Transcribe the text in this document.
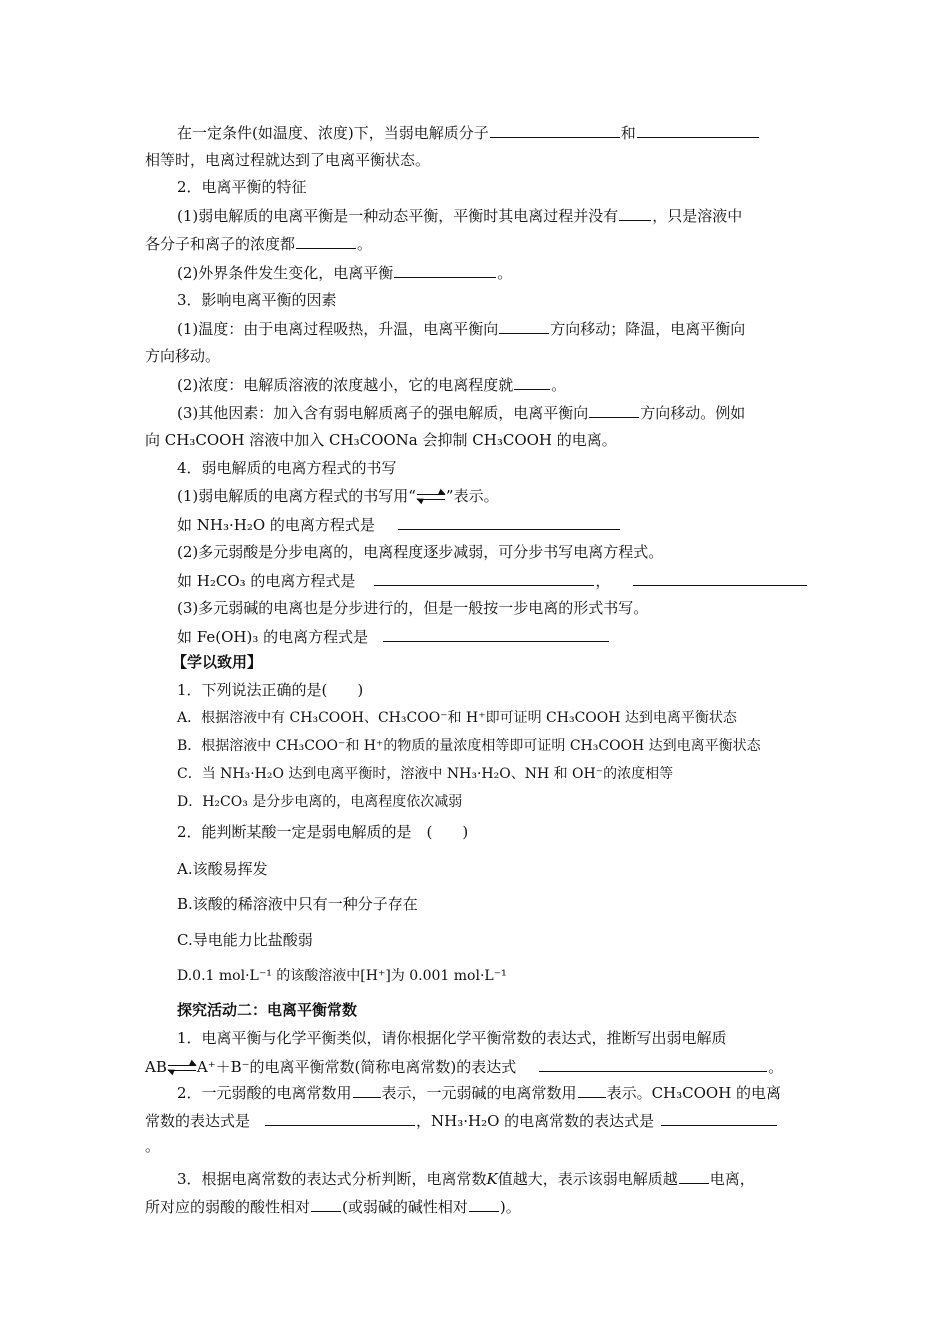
在一定条件(如温度、浓度)下，当弱电解质分子	和
相等时，电离过程就达到了电离平衡状态。
2．电离平衡的特征
(1)弱电解质的电离平衡是一种动态平衡，平衡时其电离过程并没有 ，只是溶液中
各分子和离子的浓度都	。
(2)外界条件发生变化，电离平衡	。
3．影响电离平衡的因素
(1)温度：由于电离过程吸热，升温，电离平衡向	方向移动；降温，电离平衡向
方向移动。
(2)浓度：电解质溶液的浓度越小，它的电离程度就	。
(3)其他因素：加入含有弱电解质离子的强电解质，电离平衡向	方向移动。例如
向 CH₃COOH 溶液中加入 CH₃COONa 会抑制 CH₃COOH 的电离。
4．弱电解质的电离方程式的书写
(1)弱电解质的电离方程式的书写用“ ”表示。
如 NH₃·H₂O 的电离方程式是
(2)多元弱酸是分步电离的，电离程度逐步减弱，可分步书写电离方程式。
如 H₂CO₃ 的电离方程式是	，
(3)多元弱碱的电离也是分步进行的，但是一般按一步电离的形式书写。
如 Fe(OH)₃ 的电离方程式是
【学以致用】
1．下列说法正确的是(　　)
A．根据溶液中有 CH₃COOH、CH₃COO⁻和 H⁺即可证明 CH₃COOH 达到电离平衡状态
B．根据溶液中 CH₃COO⁻和 H⁺的物质的量浓度相等即可证明 CH₃COOH 达到电离平衡状态
C．当 NH₃·H₂O 达到电离平衡时，溶液中 NH₃·H₂O、NH 和 OH⁻的浓度相等
D．H₂CO₃ 是分步电离的，电离程度依次减弱
2．能判断某酸一定是弱电解质的是　(　　)
A.该酸易挥发
B.该酸的稀溶液中只有一种分子存在
C.导电能力比盐酸弱
D.0.1 mol·L⁻¹ 的该酸溶液中[H⁺]为 0.001 mol·L⁻¹
探究活动二：电离平衡常数
1．电离平衡与化学平衡类似，请你根据化学平衡常数的表达式，推断写出弱电解质
AB A⁺＋B⁻的电离平衡常数(简称电离常数)的表达式	。
2．一元弱酸的电离常数用 表示，一元弱碱的电离常数用 表示。CH₃COOH 的电离
常数的表达式是	，NH₃·H₂O 的电离常数的表达式是
。
3．根据电离常数的表达式分析判断，电离常数K值越大，表示该弱电解质越 电离，
所对应的弱酸的酸性相对 (或弱碱的碱性相对 )。
